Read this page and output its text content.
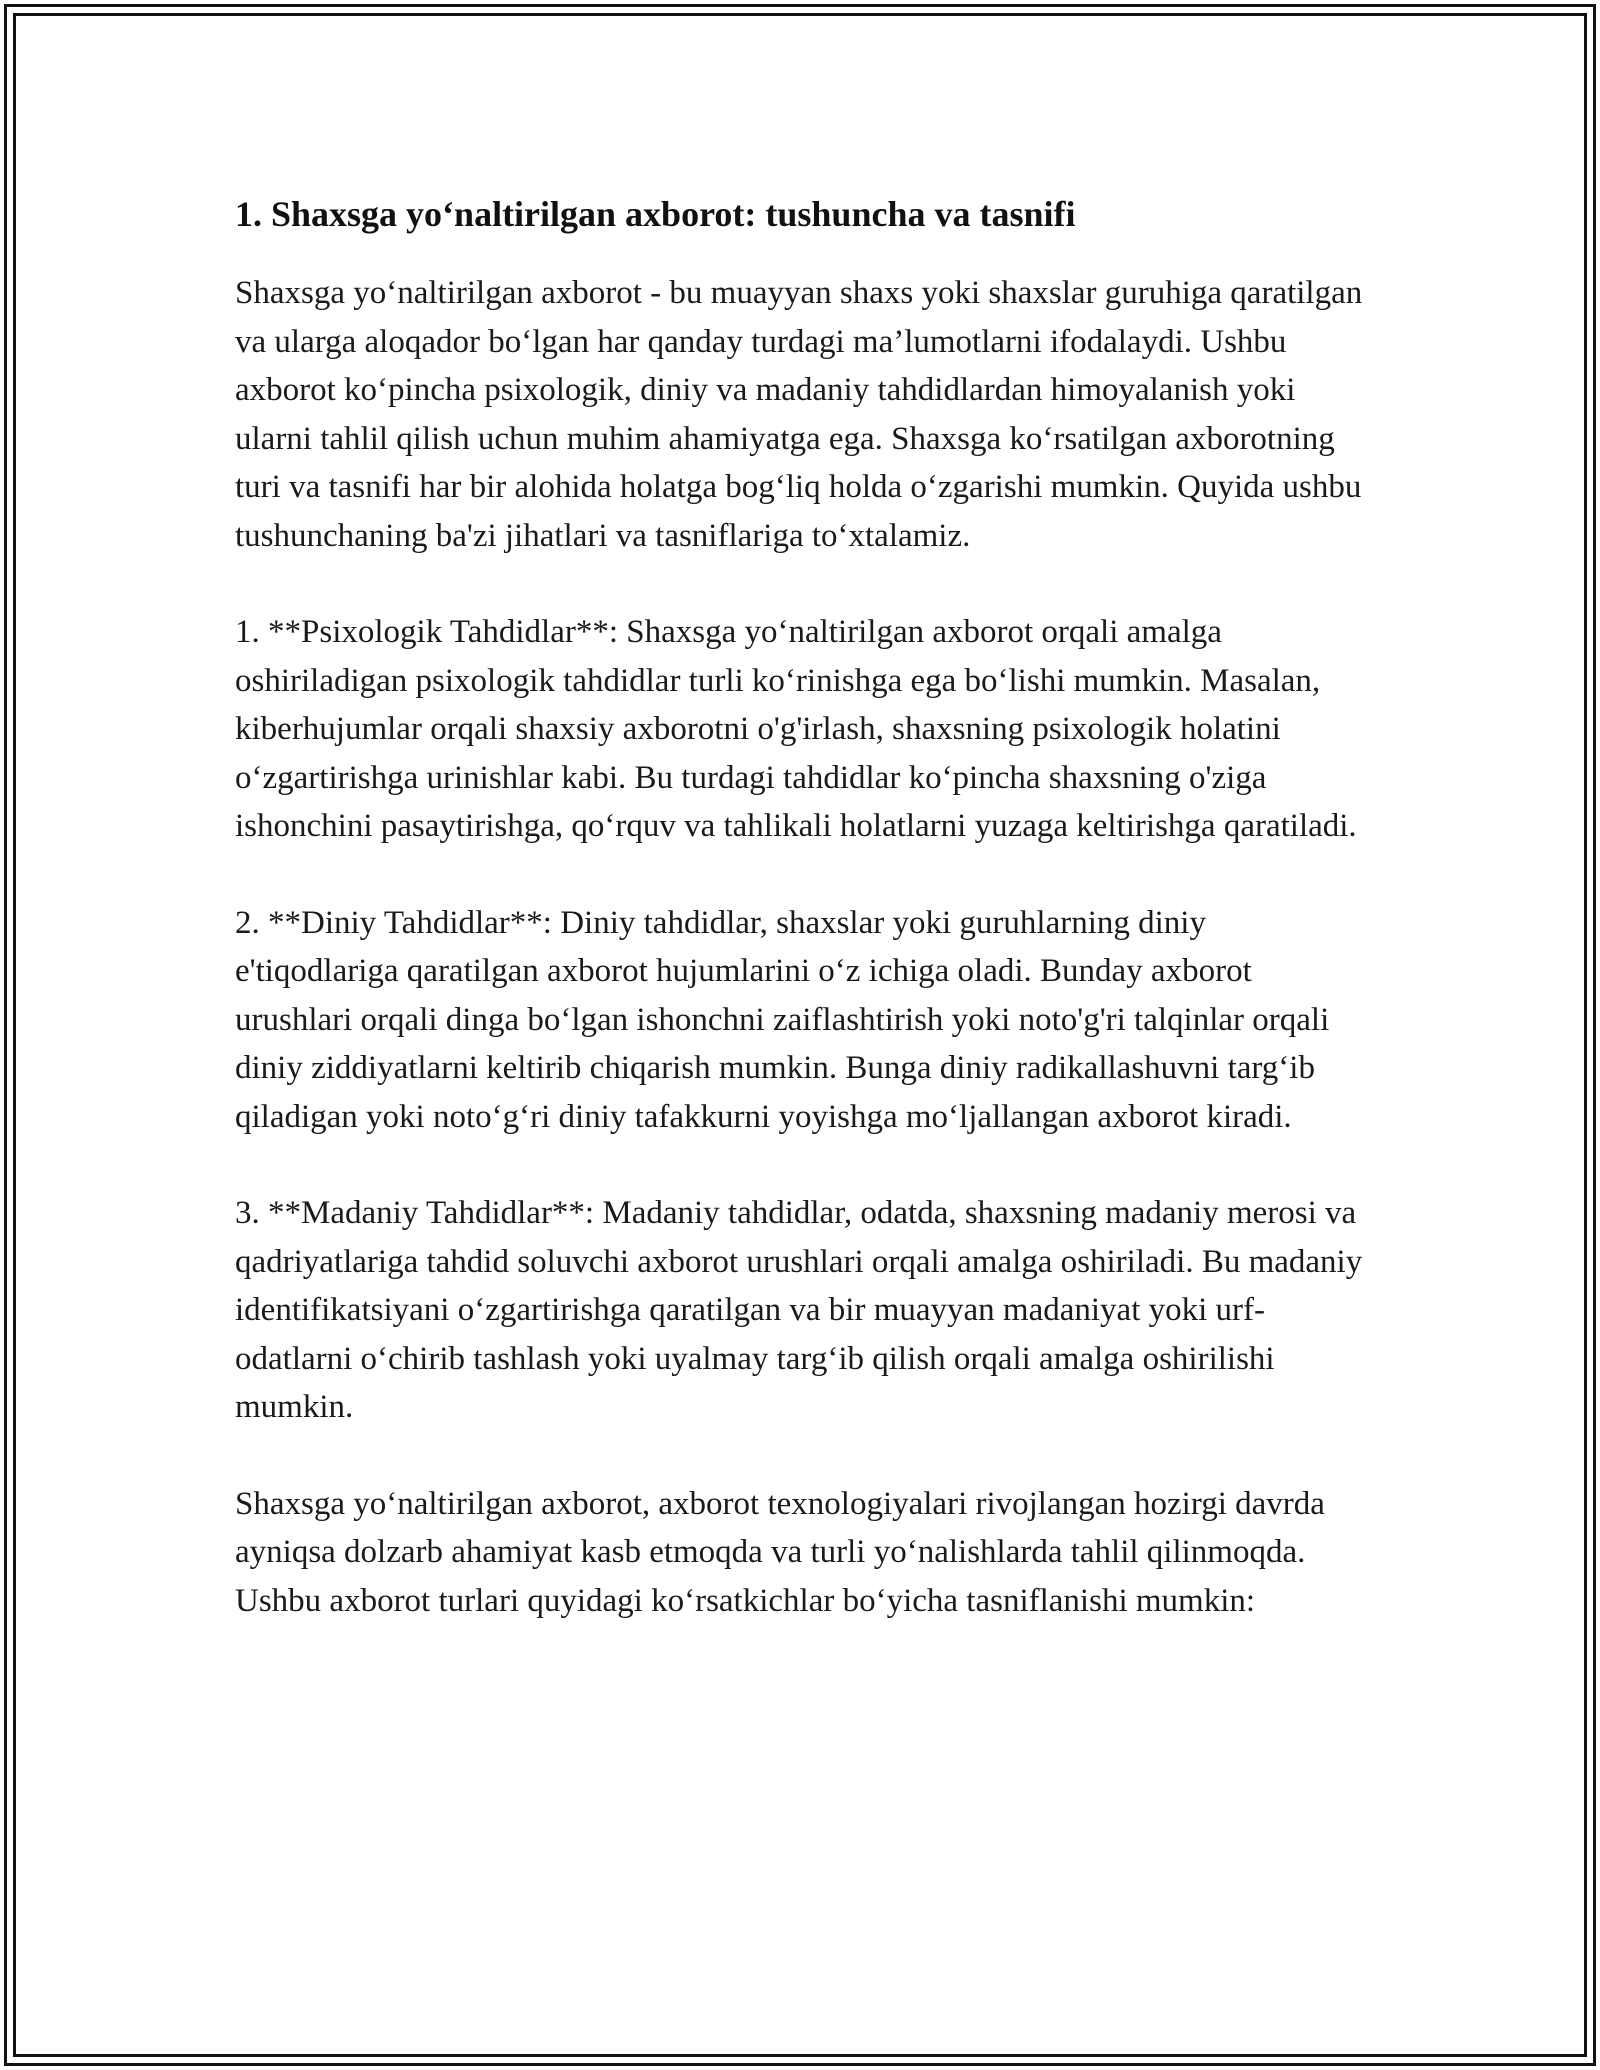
1. Shaxsga yo‘naltirilgan axborot: tushuncha va tasnifi

Shaxsga yo‘naltirilgan axborot - bu muayyan shaxs yoki shaxslar guruhiga qaratilgan va ularga aloqador bo‘lgan har qanday turdagi ma’lumotlarni ifodalaydi. Ushbu axborot ko‘pincha psixologik, diniy va madaniy tahdidlardan himoyalanish yoki ularni tahlil qilish uchun muhim ahamiyatga ega. Shaxsga ko‘rsatilgan axborotning turi va tasnifi har bir alohida holatga bog‘liq holda o‘zgarishi mumkin. Quyida ushbu tushunchaning ba'zi jihatlari va tasniflariga to‘xtalamiz.

1. **Psixologik Tahdidlar**: Shaxsga yo‘naltirilgan axborot orqali amalga oshiriladigan psixologik tahdidlar turli ko‘rinishga ega bo‘lishi mumkin. Masalan, kiberhujumlar orqali shaxsiy axborotni o'g'irlash, shaxsning psixologik holatini o‘zgartirishga urinishlar kabi. Bu turdagi tahdidlar ko‘pincha shaxsning o'ziga ishonchini pasaytirishga, qo‘rquv va tahlikali holatlarni yuzaga keltirishga qaratiladi.

2. **Diniy Tahdidlar**: Diniy tahdidlar, shaxslar yoki guruhlarning diniy e'tiqodlariga qaratilgan axborot hujumlarini o‘z ichiga oladi. Bunday axborot urushlari orqali dinga bo‘lgan ishonchni zaiflashtirish yoki noto'g'ri talqinlar orqali diniy ziddiyatlarni keltirib chiqarish mumkin. Bunga diniy radikallashuvni targ‘ib qiladigan yoki noto‘g‘ri diniy tafakkurni yoyishga mo‘ljallangan axborot kiradi.

3. **Madaniy Tahdidlar**: Madaniy tahdidlar, odatda, shaxsning madaniy merosi va qadriyatlariga tahdid soluvchi axborot urushlari orqali amalga oshiriladi. Bu madaniy identifikatsiyani o‘zgartirishga qaratilgan va bir muayyan madaniyat yoki urf-odatlarni o‘chirib tashlash yoki uyalmay targ‘ib qilish orqali amalga oshirilishi mumkin.

Shaxsga yo‘naltirilgan axborot, axborot texnologiyalari rivojlangan hozirgi davrda ayniqsa dolzarb ahamiyat kasb etmoqda va turli yo‘nalishlarda tahlil qilinmoqda. Ushbu axborot turlari quyidagi ko‘rsatkichlar bo‘yicha tasniflanishi mumkin:
